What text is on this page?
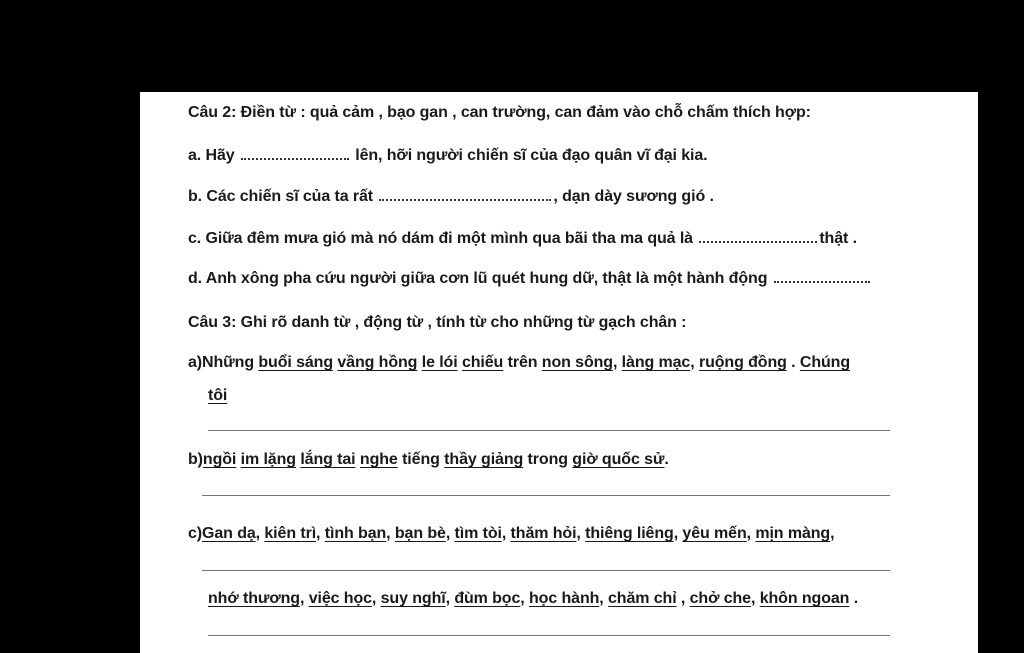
Câu 2: Điền từ : quả cảm , bạo gan , can trường, can đảm vào chỗ chấm thích hợp:
a. Hãy	lên, hỡi người chiến sĩ của đạo quân vĩ đại kia.
b. Các chiến sĩ của ta rất	, dạn dày sương gió .
c. Giữa đêm mưa gió mà nó dám đi một mình qua bãi tha ma quả là	thật .
d. Anh xông pha cứu người giữa cơn lũ quét hung dữ, thật là một hành động
Câu 3: Ghi rõ danh từ , động từ , tính từ cho những từ gạch chân :
a)Những buổi sáng vầng hồng le lói chiếu trên non sông, làng mạc, ruộng đồng . Chúng
tôi
b)ngồi im lặng lắng tai nghe tiếng thầy giảng trong giờ quốc sử.
c)Gan dạ, kiên trì, tình bạn, bạn bè, tìm tòi, thăm hỏi, thiêng liêng, yêu mến, mịn màng,
nhớ thương, việc học, suy nghĩ, đùm bọc, học hành, chăm chỉ , chở che, khôn ngoan .
